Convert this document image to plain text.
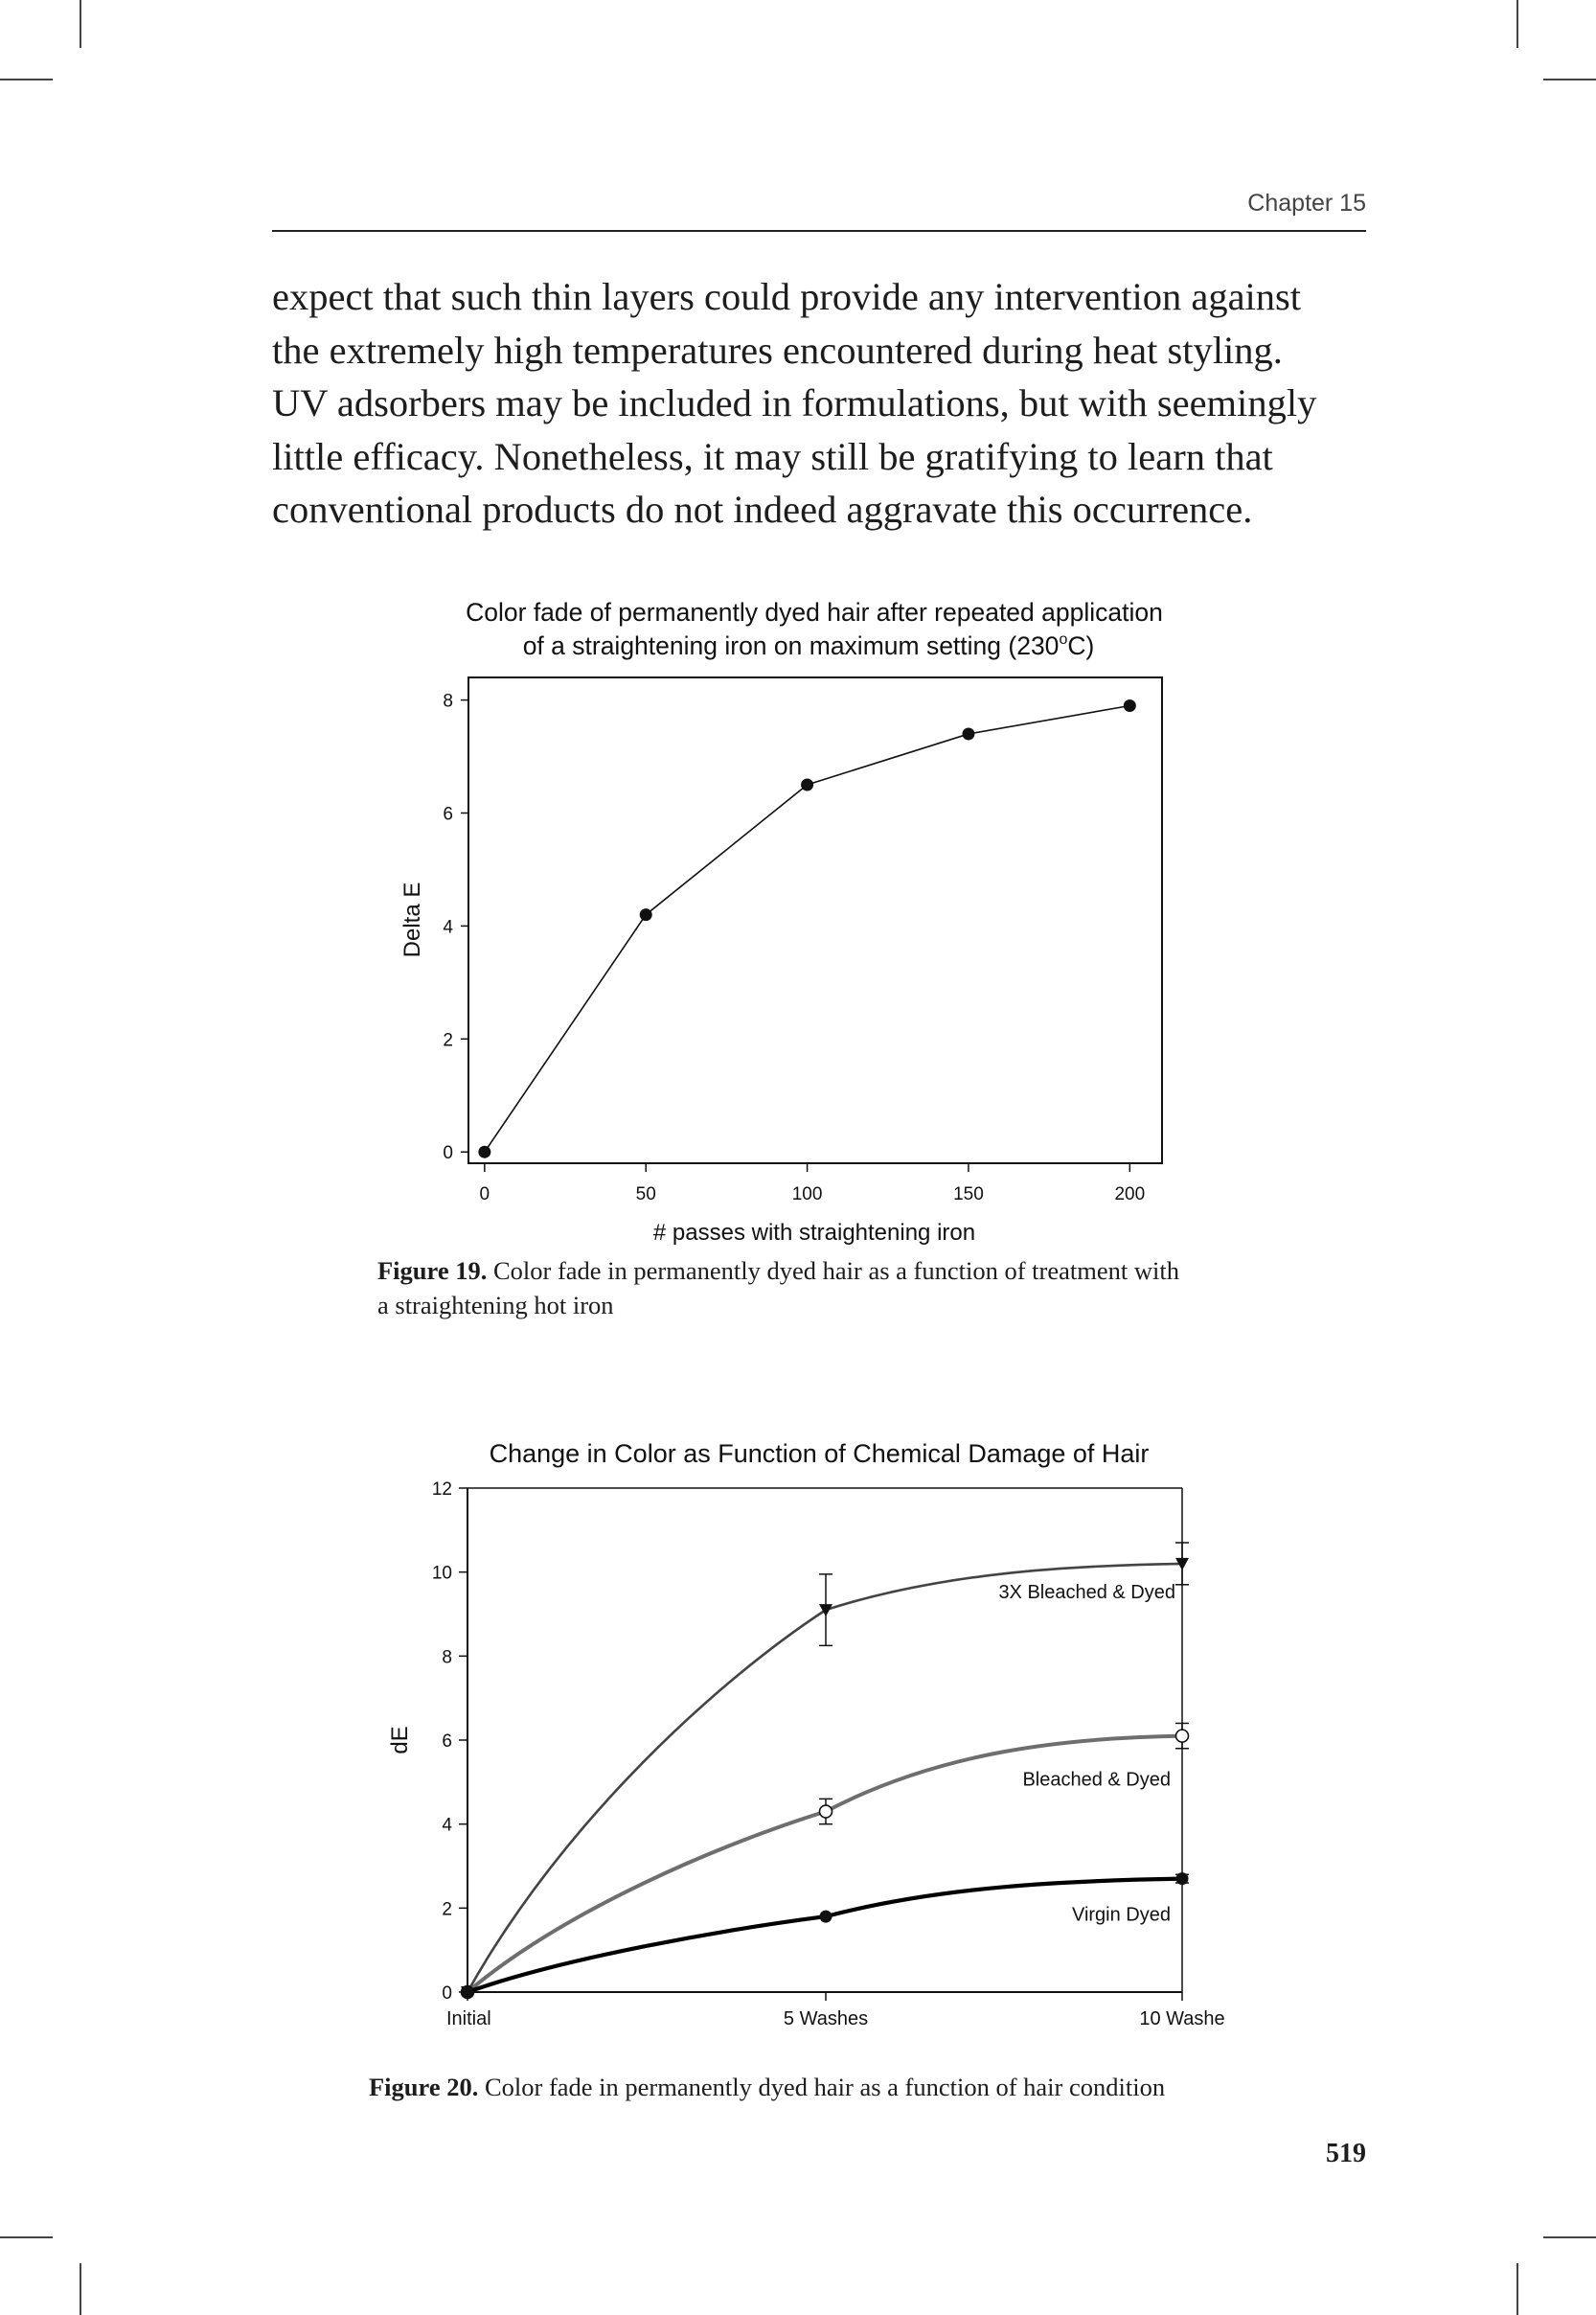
Chapter 15
expect that such thin layers could provide any intervention against
the extremely high temperatures encountered during heat styling.
UV adsorbers may be included in formulations, but with seemingly
little efficacy. Nonetheless, it may still be gratifying to learn that
conventional products do not indeed aggravate this occurrence.
Color fade of permanently dyed hair after repeated application
of a straightening iron on maximum setting (230$^o$C)
0
2
4
6
8
0	50	100	150	200
Delta E
# passes with straightening iron
Figure 19. Color fade in permanently dyed hair as a function of treatment with
a straightening hot iron
Change in Color as Function of Chemical Damage of Hair
0
2
4
6
8
10
12
Initial	5 Washes	10 Washe
3X Bleached & Dyed
Bleached & Dyed
Virgin Dyed
dE
Figure 20. Color fade in permanently dyed hair as a function of hair condition
519
